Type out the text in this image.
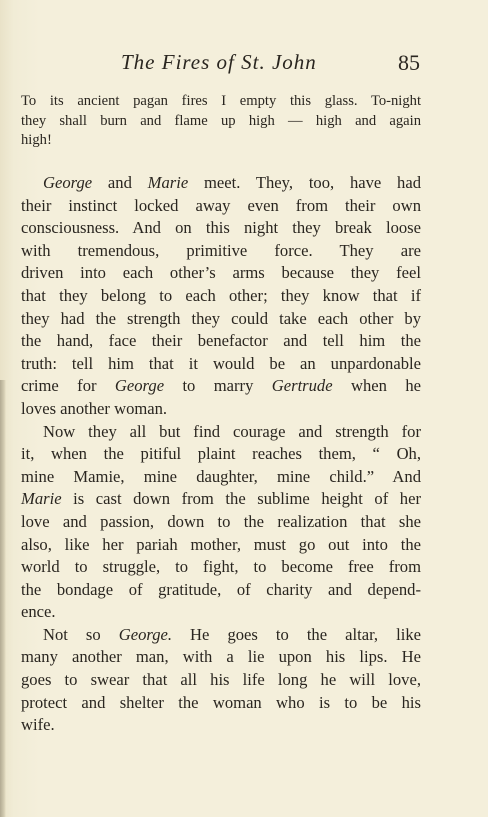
The Fires of St. John	85
To its ancient pagan fires I empty this glass. To-night
they shall burn and flame up high — high and again
high!
George and Marie meet. They, too, have had
their instinct locked away even from their own
consciousness. And on this night they break loose
with tremendous, primitive force. They are
driven into each other’s arms because they feel
that they belong to each other; they know that if
they had the strength they could take each other by
the hand, face their benefactor and tell him the
truth: tell him that it would be an unpardonable
crime for George to marry Gertrude when he
loves another woman.
Now they all but find courage and strength for
it, when the pitiful plaint reaches them, “ Oh,
mine Mamie, mine daughter, mine child.” And
Marie is cast down from the sublime height of her
love and passion, down to the realization that she
also, like her pariah mother, must go out into the
world to struggle, to fight, to become free from
the bondage of gratitude, of charity and depend-
ence.
Not so George. He goes to the altar, like
many another man, with a lie upon his lips. He
goes to swear that all his life long he will love,
protect and shelter the woman who is to be his
wife.
